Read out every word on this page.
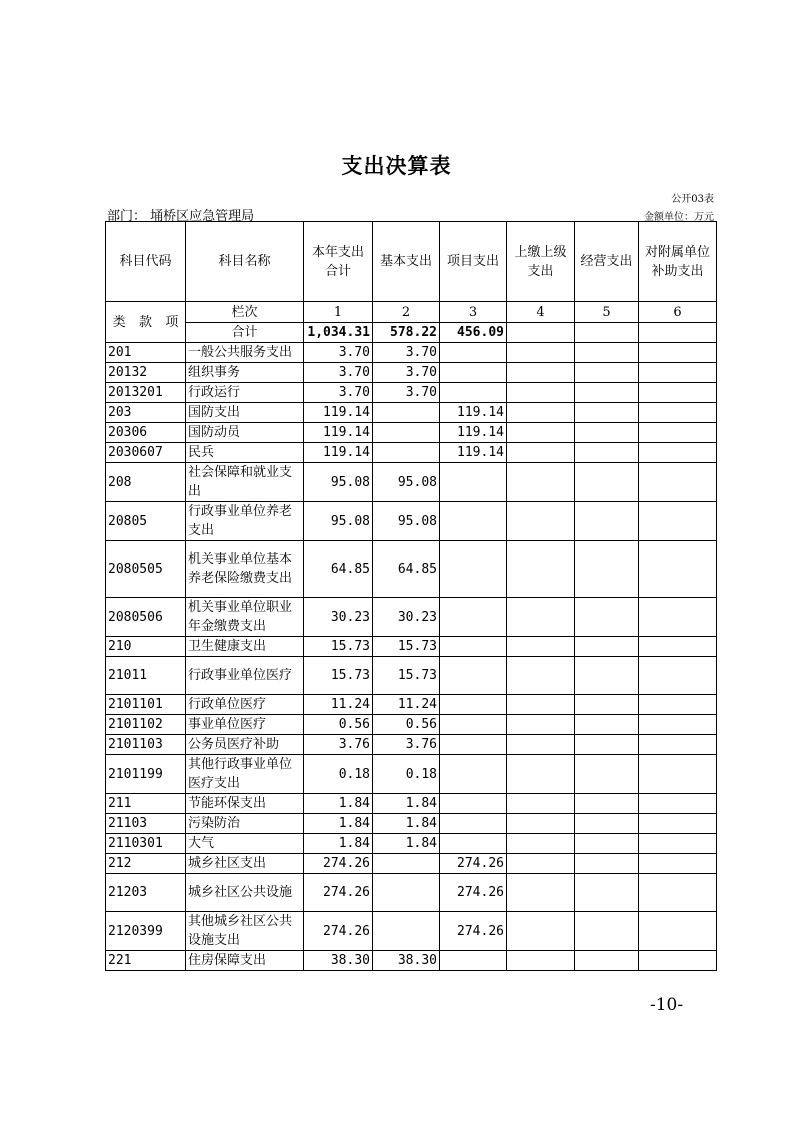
支出决算表
公开03表
部门： 埇桥区应急管理局	金额单位：万元
科目代码	科目名称	本年支出合计	基本支出	项目支出	上缴上级支出	经营支出	对附属单位补助支出

类 款 项	栏次	1	2	3	4	5	6
	合计	1,034.31	578.22	456.09			
201	一般公共服务支出	3.70	3.70				
20132	组织事务	3.70	3.70				
2013201	行政运行	3.70	3.70				
203	国防支出	119.14		119.14			
20306	国防动员	119.14		119.14			
2030607	民兵	119.14		119.14			
208	社会保障和就业支出	95.08	95.08				
20805	行政事业单位养老支出	95.08	95.08				
2080505	机关事业单位基本养老保险缴费支出	64.85	64.85				
2080506	机关事业单位职业年金缴费支出	30.23	30.23				
210	卫生健康支出	15.73	15.73				
21011	行政事业单位医疗	15.73	15.73				
2101101	行政单位医疗	11.24	11.24				
2101102	事业单位医疗	0.56	0.56				
2101103	公务员医疗补助	3.76	3.76				
2101199	其他行政事业单位医疗支出	0.18	0.18				
211	节能环保支出	1.84	1.84				
21103	污染防治	1.84	1.84				
2110301	大气	1.84	1.84				
212	城乡社区支出	274.26		274.26			
21203	城乡社区公共设施	274.26		274.26			
2120399	其他城乡社区公共设施支出	274.26		274.26			
221	住房保障支出	38.30	38.30				
-10-
